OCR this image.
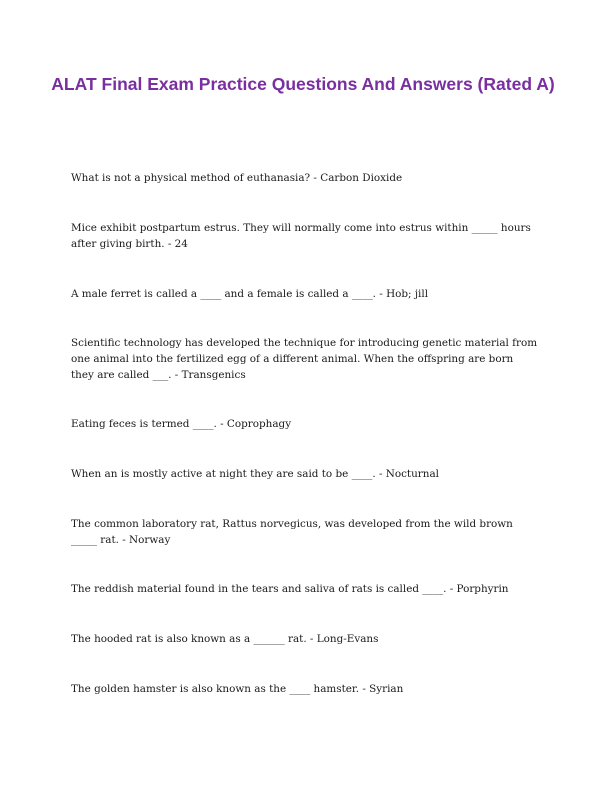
ALAT Final Exam Practice Questions And Answers (Rated A)

What is not a physical method of euthanasia? - Carbon Dioxide

Mice exhibit postpartum estrus. They will normally come into estrus within _____ hours after giving birth. - 24

A male ferret is called a ____ and a female is called a ____. - Hob; jill

Scientific technology has developed the technique for introducing genetic material from one animal into the fertilized egg of a different animal. When the offspring are born they are called ___. - Transgenics

Eating feces is termed ____. - Coprophagy

When an is mostly active at night they are said to be ____. - Nocturnal

The common laboratory rat, Rattus norvegicus, was developed from the wild brown _____ rat. - Norway

The reddish material found in the tears and saliva of rats is called ____. - Porphyrin

The hooded rat is also known as a ______ rat. - Long-Evans

The golden hamster is also known as the ____ hamster. - Syrian
